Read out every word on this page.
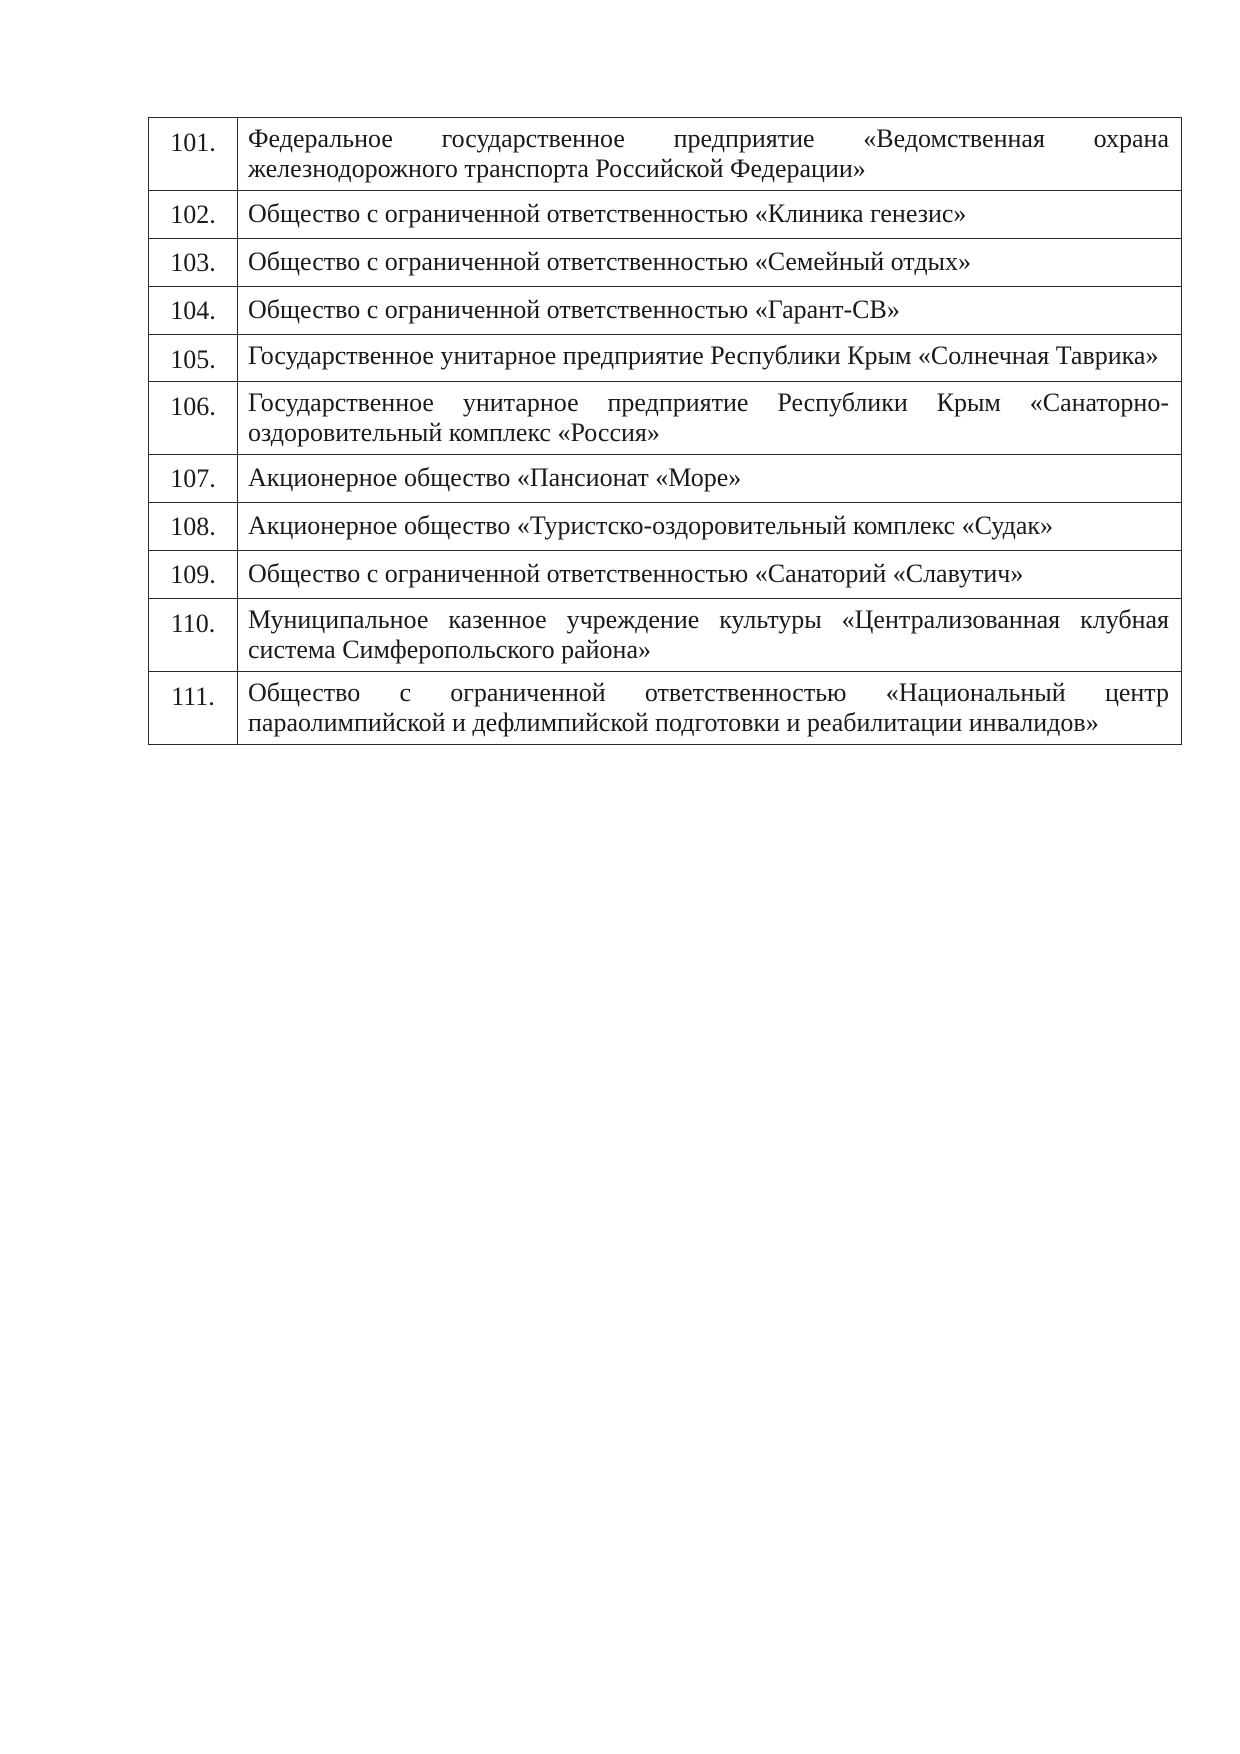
101.	Федеральное государственное предприятие «Ведомственная охрана железнодорожного транспорта Российской Федерации»
102.	Общество с ограниченной ответственностью «Клиника генезис»
103.	Общество с ограниченной ответственностью «Семейный отдых»
104.	Общество с ограниченной ответственностью «Гарант-СВ»
105.	Государственное унитарное предприятие Республики Крым «Солнечная Таврика»
106.	Государственное унитарное предприятие Республики Крым «Санаторно-оздоровительный комплекс «Россия»
107.	Акционерное общество «Пансионат «Море»
108.	Акционерное общество «Туристско-оздоровительный комплекс «Судак»
109.	Общество с ограниченной ответственностью «Санаторий «Славутич»
110.	Муниципальное казенное учреждение культуры «Централизованная клубная система Симферопольского района»
111.	Общество с ограниченной ответственностью «Национальный центр параолимпийской и дефлимпийской подготовки и реабилитации инвалидов»
